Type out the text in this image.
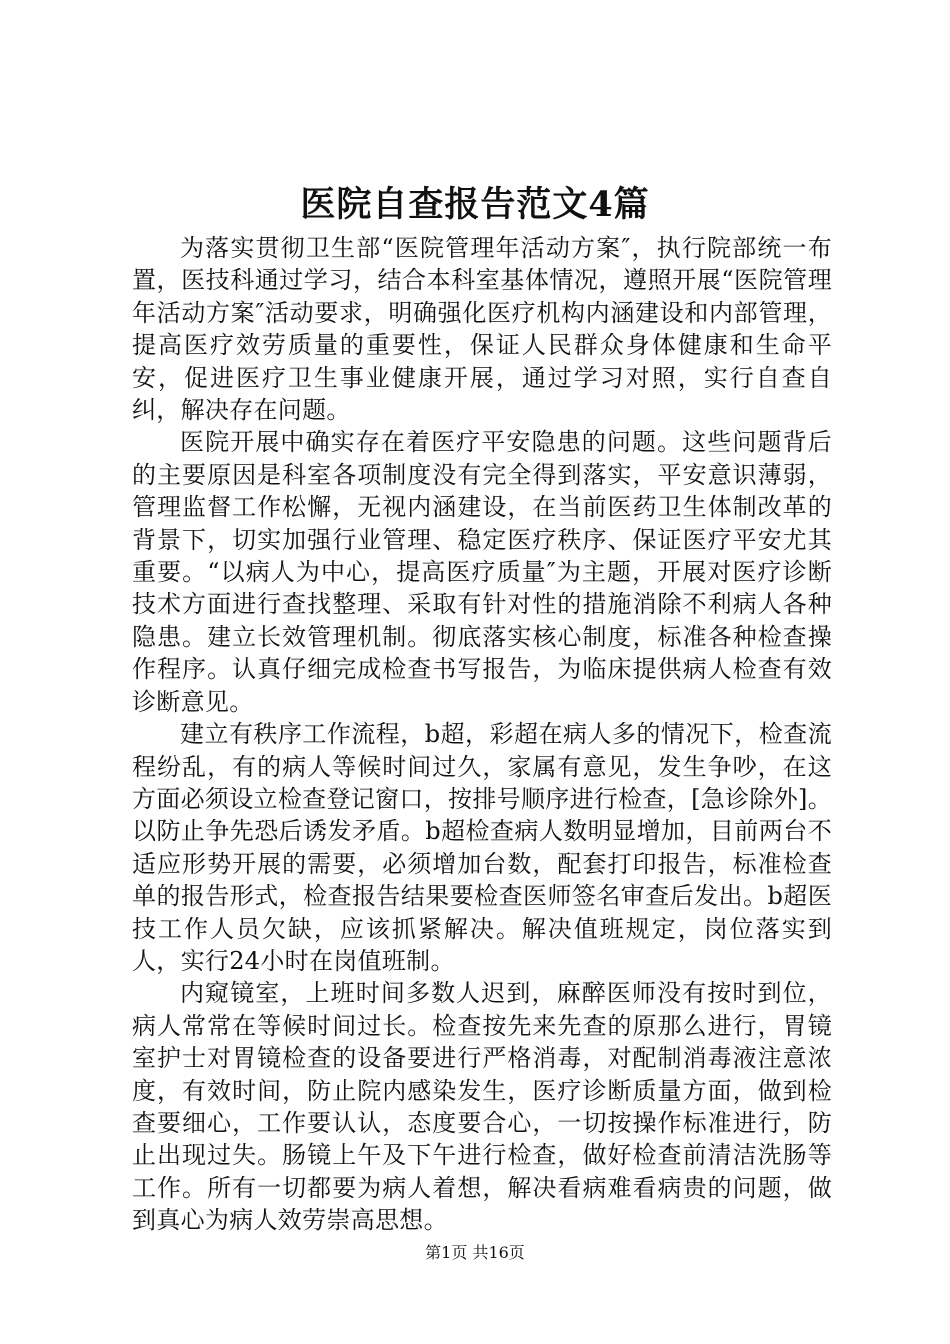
医院自查报告范文4篇

为落实贯彻卫生部“医院管理年活动方案″，执行院部统一布置，医技科通过学习，结合本科室基体情况，遵照开展“医院管理年活动方案″活动要求，明确强化医疗机构内涵建设和内部管理，提高医疗效劳质量的重要性，保证人民群众身体健康和生命平安，促进医疗卫生事业健康开展，通过学习对照，实行自查自纠，解决存在问题。

医院开展中确实存在着医疗平安隐患的问题。这些问题背后的主要原因是科室各项制度没有完全得到落实，平安意识薄弱，管理监督工作松懈，无视内涵建设，在当前医药卫生体制改革的背景下，切实加强行业管理、稳定医疗秩序、保证医疗平安尤其重要。“以病人为中心，提高医疗质量″为主题，开展对医疗诊断技术方面进行查找整理、采取有针对性的措施消除不利病人各种隐患。建立长效管理机制。彻底落实核心制度，标准各种检查操作程序。认真仔细完成检查书写报告，为临床提供病人检查有效诊断意见。

建立有秩序工作流程，b超，彩超在病人多的情况下，检查流程纷乱，有的病人等候时间过久，家属有意见，发生争吵，在这方面必须设立检查登记窗口，按排号顺序进行检查，[急诊除外]。以防止争先恐后诱发矛盾。b超检查病人数明显增加，目前两台不适应形势开展的需要，必须增加台数，配套打印报告，标准检查单的报告形式，检查报告结果要检查医师签名审查后发出。b超医技工作人员欠缺，应该抓紧解决。解决值班规定，岗位落实到人，实行24小时在岗值班制。

内窥镜室，上班时间多数人迟到，麻醉医师没有按时到位，病人常常在等候时间过长。检查按先来先查的原那么进行，胃镜室护士对胃镜检查的设备要进行严格消毒，对配制消毒液注意浓度，有效时间，防止院内感染发生，医疗诊断质量方面，做到检查要细心，工作要认认，态度要合心，一切按操作标准进行，防止出现过失。肠镜上午及下午进行检查，做好检查前清洁洗肠等工作。所有一切都要为病人着想，解决看病难看病贵的问题，做到真心为病人效劳崇高思想。

第1页 共16页
